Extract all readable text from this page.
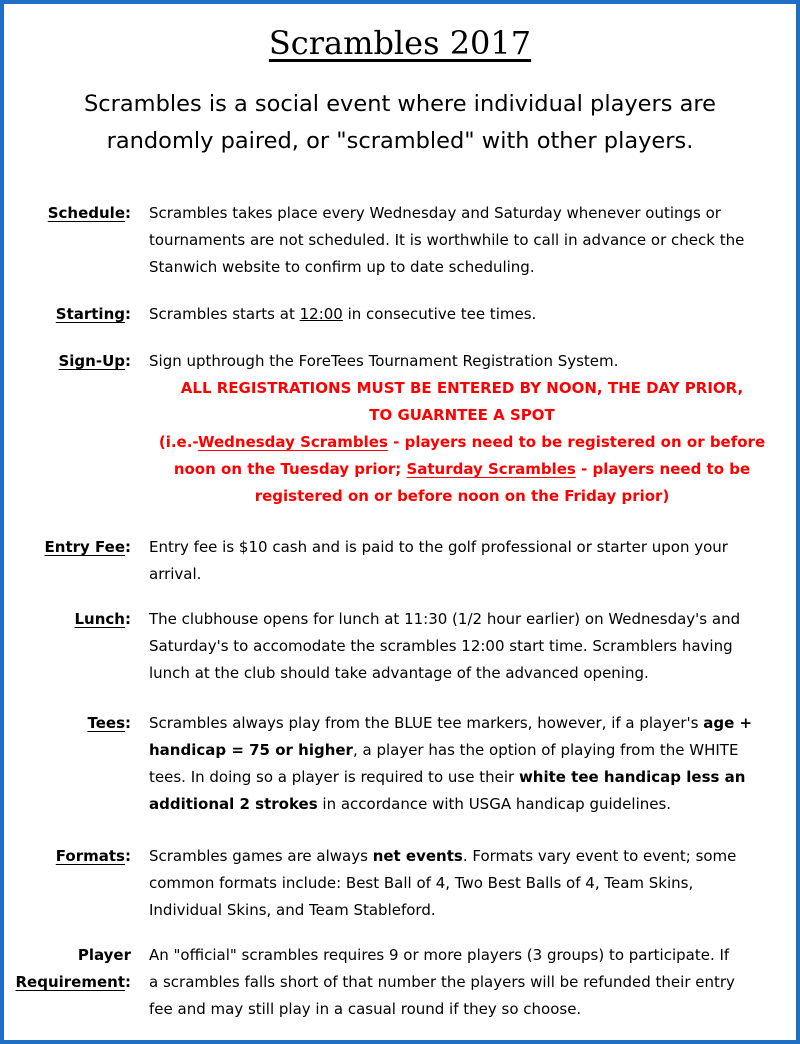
Scrambles 2017
Scrambles is a social event where individual players are
randomly paired, or "scrambled" with other players.
Schedule: Scrambles takes place every Wednesday and Saturday whenever outings or
tournaments are not scheduled. It is worthwhile to call in advance or check the
Stanwich website to confirm up to date scheduling.
Starting: Scrambles starts at 12:00 in consecutive tee times.
Sign-Up: Sign upthrough the ForeTees Tournament Registration System.
ALL REGISTRATIONS MUST BE ENTERED BY NOON, THE DAY PRIOR,
TO GUARNTEE A SPOT
(i.e.-Wednesday Scrambles - players need to be registered on or before
noon on the Tuesday prior; Saturday Scrambles - players need to be
registered on or before noon on the Friday prior)
Entry Fee: Entry fee is $10 cash and is paid to the golf professional or starter upon your
arrival.
Lunch: The clubhouse opens for lunch at 11:30 (1/2 hour earlier) on Wednesday's and
Saturday's to accomodate the scrambles 12:00 start time. Scramblers having
lunch at the club should take advantage of the advanced opening.
Tees: Scrambles always play from the BLUE tee markers, however, if a player's age +
handicap = 75 or higher, a player has the option of playing from the WHITE
tees. In doing so a player is required to use their white tee handicap less an
additional 2 strokes in accordance with USGA handicap guidelines.
Formats: Scrambles games are always net events. Formats vary event to event; some
common formats include: Best Ball of 4, Two Best Balls of 4, Team Skins,
Individual Skins, and Team Stableford.
Player
Requirement:
An "official" scrambles requires 9 or more players (3 groups) to participate. If
a scrambles falls short of that number the players will be refunded their entry
fee and may still play in a casual round if they so choose.
